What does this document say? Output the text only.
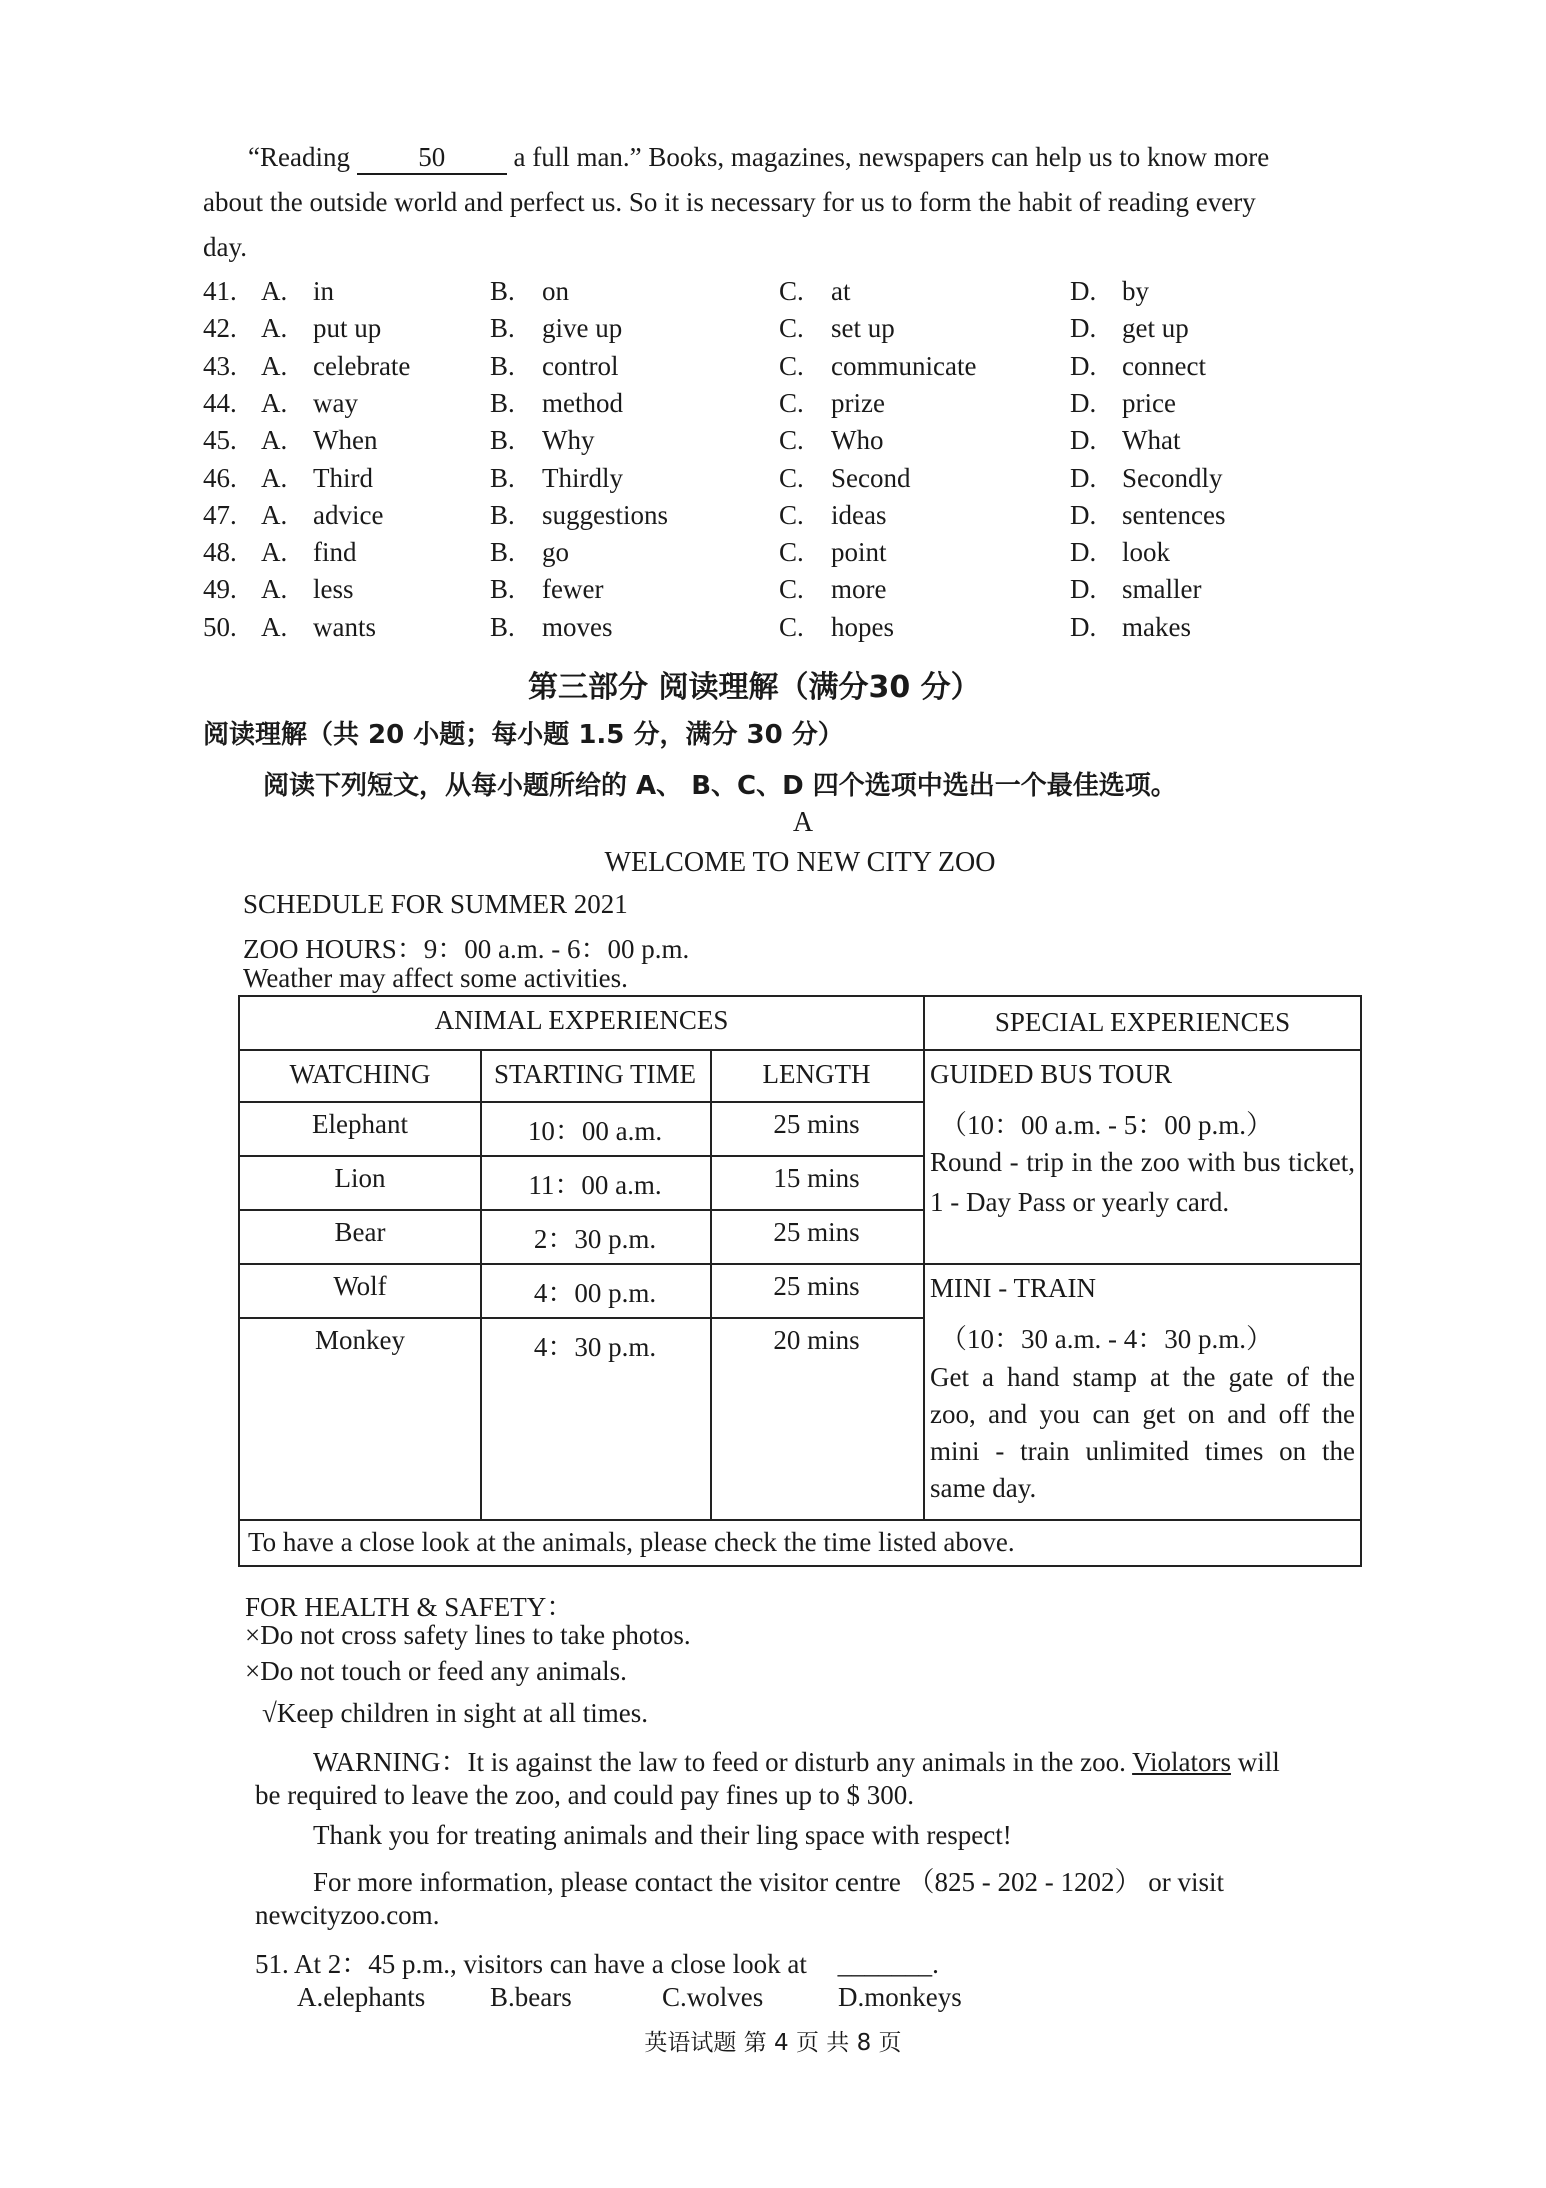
“Reading 50 a full man.” Books, magazines, newspapers can help us to know more
about the outside world and perfect us. So it is necessary for us to form the habit of reading every
day.
41. A. in	B. on	C. at	D. by
42. A. put up	B. give up	C. set up	D. get up
43. A. celebrate	B. control	C. communicate	D. connect
44. A. way	B. method	C. prize	D. price
45. A. When	B. Why	C. Who	D. What
46. A. Third	B. Thirdly	C. Second	D. Secondly
47. A. advice	B. suggestions	C. ideas	D. sentences
48. A. find	B. go	C. point	D. look
49. A. less	B. fewer	C. more	D. smaller
50. A. wants	B. moves	C. hopes	D. makes
第三部分 阅读理解（满分30 分）
阅读理解（共 20 小题；每小题 1.5 分，满分 30 分）
阅读下列短文，从每小题所给的 A、 B、C、D 四个选项中选出一个最佳选项。
A
WELCOME TO NEW CITY ZOO
SCHEDULE FOR SUMMER 2021
ZOO HOURS：9：00 a.m. - 6：00 p.m.
Weather may affect some activities.
ANIMAL EXPERIENCES	SPECIAL EXPERIENCES
WATCHING	STARTING TIME	LENGTH
Elephant	10：00 a.m.	25 mins
Lion	11：00 a.m.	15 mins
Bear	2：30 p.m.	25 mins
Wolf	4：00 p.m.	25 mins
Monkey	4：30 p.m.	20 mins
GUIDED BUS TOUR
（10：00 a.m. - 5：00 p.m.）
Round - trip in the zoo with bus ticket, 1 - Day Pass or yearly card.
MINI - TRAIN
（10：30 a.m. - 4：30 p.m.）
Get a hand stamp at the gate of the zoo, and you can get on and off the mini - train unlimited times on the same day.
To have a close look at the animals, please check the time listed above.
FOR HEALTH & SAFETY：
×Do not cross safety lines to take photos.
×Do not touch or feed any animals.
√Keep children in sight at all times.
WARNING：It is against the law to feed or disturb any animals in the zoo. Violators will
be required to leave the zoo, and could pay fines up to $ 300.
Thank you for treating animals and their ling space with respect!
For more information, please contact the visitor centre （825 - 202 - 1202） or visit
newcityzoo.com.
51. At 2：45 p.m., visitors can have a close look at _______.
A.elephants B.bears	C.wolves	D.monkeys
英语试题 第 4 页 共 8 页
